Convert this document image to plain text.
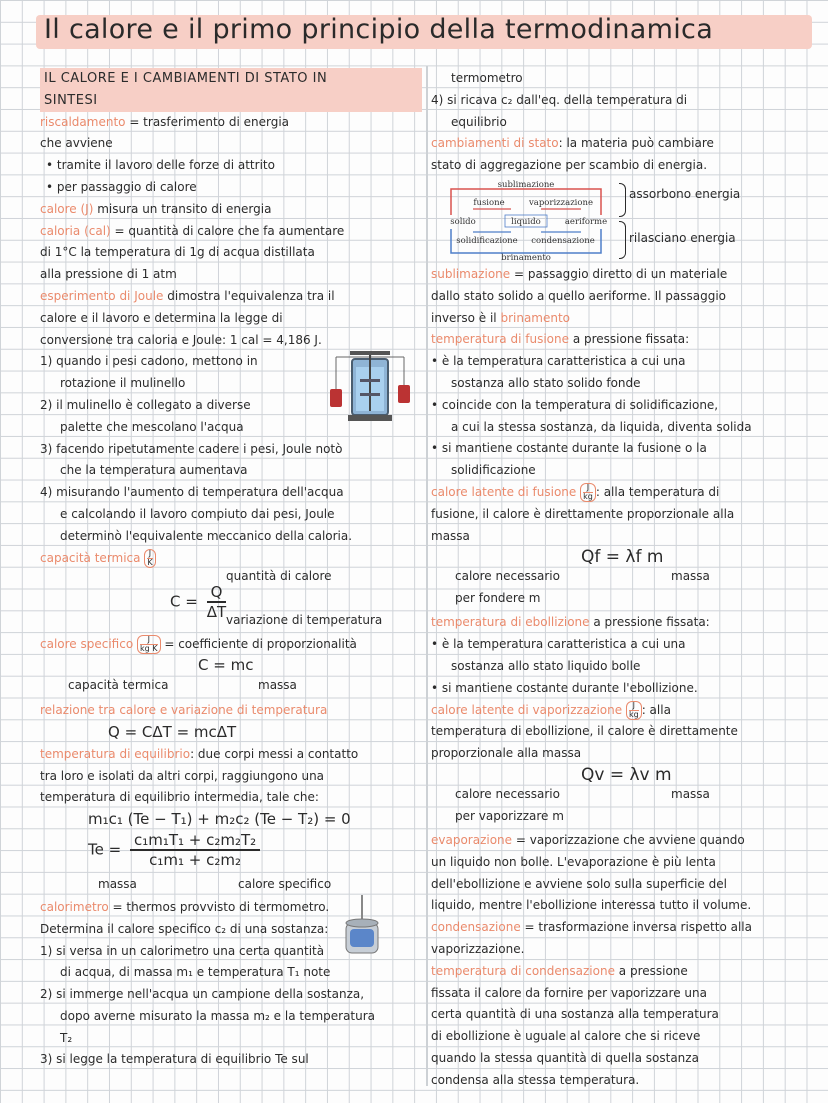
Il calore e il primo principio della termodinamica
IL CALORE E I CAMBIAMENTI DI STATO IN
SINTESI
riscaldamento = trasferimento di energia
che avviene
• tramite il lavoro delle forze di attrito
• per passaggio di calore
calore (J) misura un transito di energia
caloria (cal) = quantità di calore che fa aumentare
di 1°C la temperatura di 1g di acqua distillata
alla pressione di 1 atm
esperimento di Joule dimostra l'equivalenza tra il
calore e il lavoro e determina la legge di
conversione tra caloria e Joule: 1 cal = 4,186 J.
1) quando i pesi cadono, mettono in
rotazione il mulinello
2) il mulinello è collegato a diverse
palette che mescolano l'acqua
3) facendo ripetutamente cadere i pesi, Joule notò
che la temperatura aumentava
4) misurando l'aumento di temperatura dell'acqua
e calcolando il lavoro compiuto dai pesi, Joule
determinò l'equivalente meccanico della caloria.
capacità termica $\frac{J}{K}$
quantità di calore
$C = \frac{Q}{\Delta T}$ variazione di temperatura
calore specifico $\frac{J}{\text{kg K}}$ = coefficiente di proporzionalità
C = mc
capacità termica	massa
relazione tra calore e variazione di temperatura
Q = CΔT = mcΔT
temperatura di equilibrio: due corpi messi a contatto
tra loro e isolati da altri corpi, raggiungono una
temperatura di equilibrio intermedia, tale che:
m₁c₁ (Te − T₁) + m₂c₂ (Te − T₂) = 0
$Te = \frac{\text{c₁m₁T₁ + c₂m₂T₂}}{\text{c₁m₁ + c₂m₂}}$
massa	calore specifico
calorimetro = thermos provvisto di termometro.
Determina il calore specifico c₂ di una sostanza:
1) si versa in un calorimetro una certa quantità
di acqua, di massa m₁ e temperatura T₁ note
2) si immerge nell'acqua un campione della sostanza,
dopo averne misurato la massa m₂ e la temperatura
T₂
3) si legge la temperatura di equilibrio Te sul
termometro
4) si ricava c₂ dall'eq. della temperatura di
equilibrio
cambiamenti di stato: la materia può cambiare
stato di aggregazione per scambio di energia.
sublimazione
fusione	vaporizzazione
solido	liquido	aeriforme
solidificazione condensazione
brinamento
assorbono energia
rilasciano energia
sublimazione = passaggio diretto di un materiale
dallo stato solido a quello aeriforme. Il passaggio
inverso è il brinamento
temperatura di fusione a pressione fissata:
• è la temperatura caratteristica a cui una
sostanza allo stato solido fonde
• coincide con la temperatura di solidificazione,
a cui la stessa sostanza, da liquida, diventa solida
• si mantiene costante durante la fusione o la
solidificazione
calore latente di fusione $\frac{J}{kg}$ : alla temperatura di
fusione, il calore è direttamente proporzionale alla
massa
Qf = λf m
calore necessario
per fondere m
massa
temperatura di ebollizione a pressione fissata:
• è la temperatura caratteristica a cui una
sostanza allo stato liquido bolle
• si mantiene costante durante l'ebollizione.
calore latente di vaporizzazione $\frac{J}{kg}$ : alla
temperatura di ebollizione, il calore è direttamente
proporzionale alla massa
Qv = λv m
calore necessario
per vaporizzare m
massa
evaporazione = vaporizzazione che avviene quando
un liquido non bolle. L'evaporazione è più lenta
dell'ebollizione e avviene solo sulla superficie del
liquido, mentre l'ebollizione interessa tutto il volume.
condensazione = trasformazione inversa rispetto alla
vaporizzazione.
temperatura di condensazione a pressione
fissata il calore da fornire per vaporizzare una
certa quantità di una sostanza alla temperatura
di ebollizione è uguale al calore che si riceve
quando la stessa quantità di quella sostanza
condensa alla stessa temperatura.
